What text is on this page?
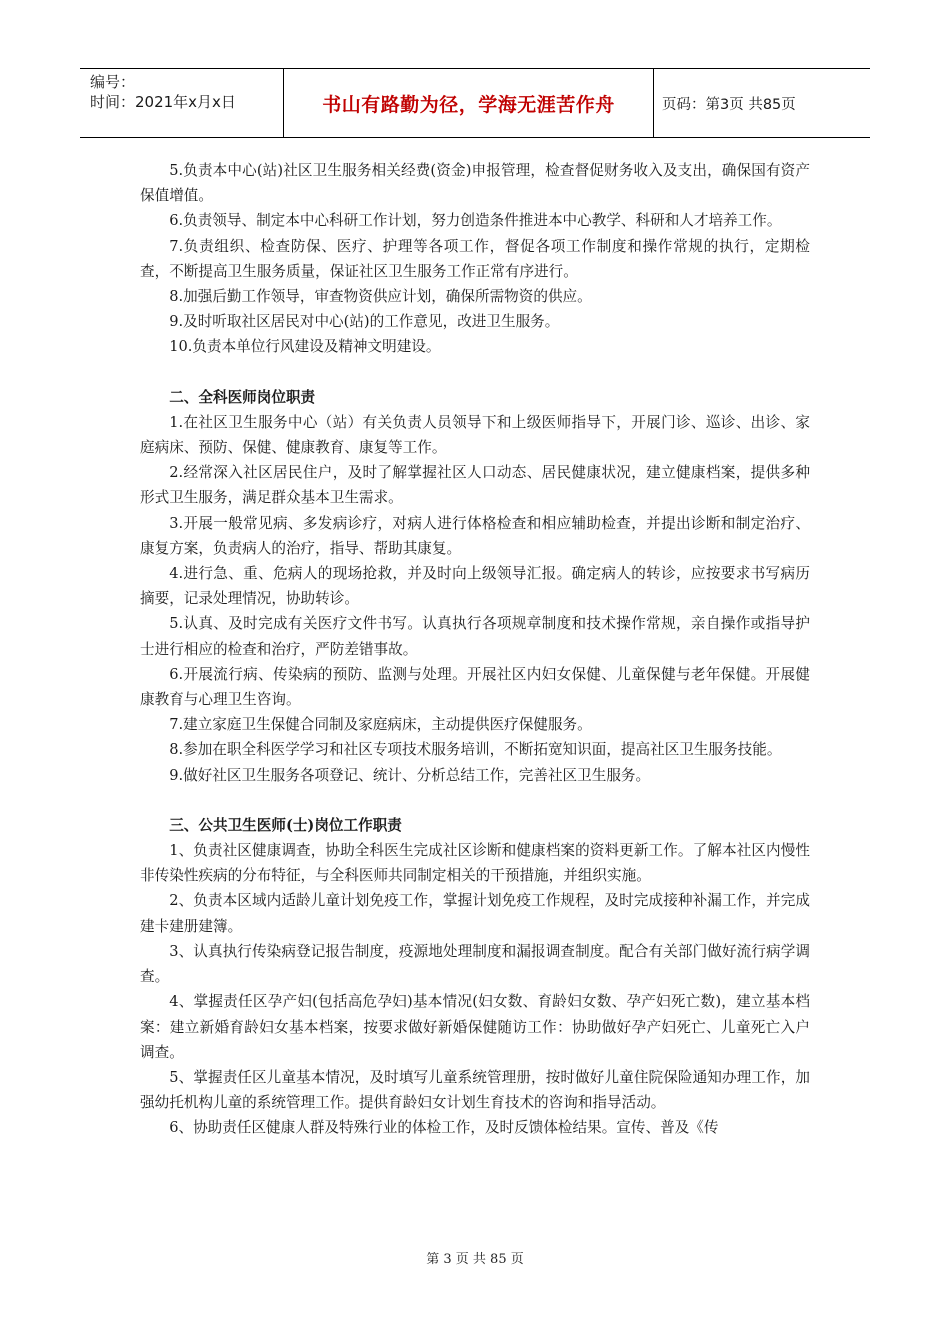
编号：
时间：2021年x月x日	书山有路勤为径，学海无涯苦作舟	页码：第3页 共85页

5.负责本中心(站)社区卫生服务相关经费(资金)申报管理，检查督促财务收入及支出，确保国有资产保值增值。

6.负责领导、制定本中心科研工作计划，努力创造条件推进本中心教学、科研和人才培养工作。

7.负责组织、检查防保、医疗、护理等各项工作，督促各项工作制度和操作常规的执行，定期检查，不断提高卫生服务质量，保证社区卫生服务工作正常有序进行。

8.加强后勤工作领导，审查物资供应计划，确保所需物资的供应。

9.及时听取社区居民对中心(站)的工作意见，改进卫生服务。

10.负责本单位行风建设及精神文明建设。

二、全科医师岗位职责

1.在社区卫生服务中心（站）有关负责人员领导下和上级医师指导下，开展门诊、巡诊、出诊、家庭病床、预防、保健、健康教育、康复等工作。

2.经常深入社区居民住户，及时了解掌握社区人口动态、居民健康状况，建立健康档案，提供多种形式卫生服务，满足群众基本卫生需求。

3.开展一般常见病、多发病诊疗，对病人进行体格检查和相应辅助检查，并提出诊断和制定治疗、康复方案，负责病人的治疗，指导、帮助其康复。

4.进行急、重、危病人的现场抢救，并及时向上级领导汇报。确定病人的转诊，应按要求书写病历摘要，记录处理情况，协助转诊。

5.认真、及时完成有关医疗文件书写。认真执行各项规章制度和技术操作常规，亲自操作或指导护士进行相应的检查和治疗，严防差错事故。

6.开展流行病、传染病的预防、监测与处理。开展社区内妇女保健、儿童保健与老年保健。开展健康教育与心理卫生咨询。

7.建立家庭卫生保健合同制及家庭病床，主动提供医疗保健服务。

8.参加在职全科医学学习和社区专项技术服务培训，不断拓宽知识面，提高社区卫生服务技能。

9.做好社区卫生服务各项登记、统计、分析总结工作，完善社区卫生服务。

三、公共卫生医师(士)岗位工作职责

1、负责社区健康调查，协助全科医生完成社区诊断和健康档案的资料更新工作。了解本社区内慢性非传染性疾病的分布特征，与全科医师共同制定相关的干预措施，并组织实施。

2、负责本区域内适龄儿童计划免疫工作，掌握计划免疫工作规程，及时完成接种补漏工作，并完成建卡建册建簿。

3、认真执行传染病登记报告制度，疫源地处理制度和漏报调查制度。配合有关部门做好流行病学调查。

4、掌握责任区孕产妇(包括高危孕妇)基本情况(妇女数、育龄妇女数、孕产妇死亡数)，建立基本档案：建立新婚育龄妇女基本档案，按要求做好新婚保健随访工作：协助做好孕产妇死亡、儿童死亡入户调查。

5、掌握责任区儿童基本情况，及时填写儿童系统管理册，按时做好儿童住院保险通知办理工作，加强幼托机构儿童的系统管理工作。提供育龄妇女计划生育技术的咨询和指导活动。

6、协助责任区健康人群及特殊行业的体检工作，及时反馈体检结果。宣传、普及《传

第 3 页 共 85 页
